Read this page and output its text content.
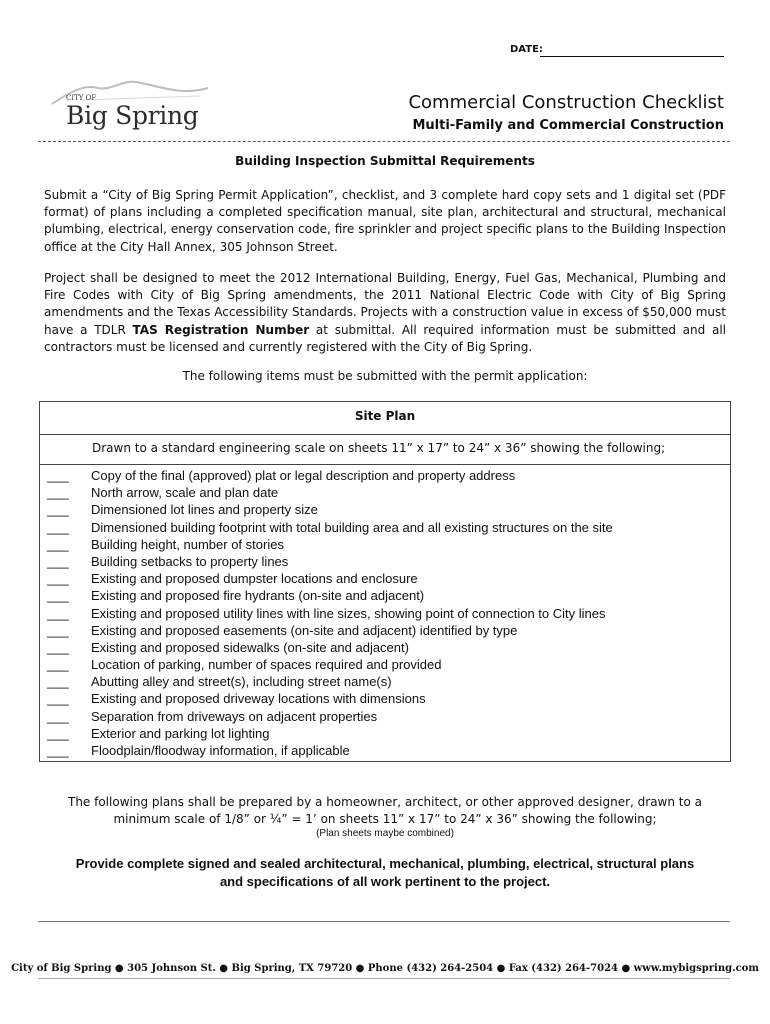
DATE:
CITY OF
Big Spring	Commercial Construction Checklist
Multi-Family and Commercial Construction
Building Inspection Submittal Requirements
Submit a “City of Big Spring Permit Application”, checklist, and 3 complete hard copy sets and 1 digital set (PDF format) of plans including a completed specification manual, site plan, architectural and structural, mechanical plumbing, electrical, energy conservation code, fire sprinkler and project specific plans to the Building Inspection office at the City Hall Annex, 305 Johnson Street.
Project shall be designed to meet the 2012 International Building, Energy, Fuel Gas, Mechanical, Plumbing and Fire Codes with City of Big Spring amendments, the 2011 National Electric Code with City of Big Spring amendments and the Texas Accessibility Standards. Projects with a construction value in excess of $50,000 must have a TDLR TAS Registration Number at submittal. All required information must be submitted and all contractors must be licensed and currently registered with the City of Big Spring.
The following items must be submitted with the permit application:
Site Plan
Drawn to a standard engineering scale on sheets 11” x 17” to 24” x 36” showing the following;
___ Copy of the final (approved) plat or legal description and property address
___ North arrow, scale and plan date
___ Dimensioned lot lines and property size
___ Dimensioned building footprint with total building area and all existing structures on the site
___ Building height, number of stories
___ Building setbacks to property lines
___ Existing and proposed dumpster locations and enclosure
___ Existing and proposed fire hydrants (on-site and adjacent)
___ Existing and proposed utility lines with line sizes, showing point of connection to City lines
___ Existing and proposed easements (on-site and adjacent) identified by type
___ Existing and proposed sidewalks (on-site and adjacent)
___ Location of parking, number of spaces required and provided
___ Abutting alley and street(s), including street name(s)
___ Existing and proposed driveway locations with dimensions
___ Separation from driveways on adjacent properties
___ Exterior and parking lot lighting
___ Floodplain/floodway information, if applicable
The following plans shall be prepared by a homeowner, architect, or other approved designer, drawn to a
minimum scale of 1/8” or ¼” = 1’ on sheets 11” x 17” to 24” x 36” showing the following;
(Plan sheets maybe combined)
Provide complete signed and sealed architectural, mechanical, plumbing, electrical, structural plans
and specifications of all work pertinent to the project.
City of Big Spring ● 305 Johnson St. ● Big Spring, TX 79720 ● Phone (432) 264-2504 ● Fax (432) 264-7024 ● www.mybigspring.com
